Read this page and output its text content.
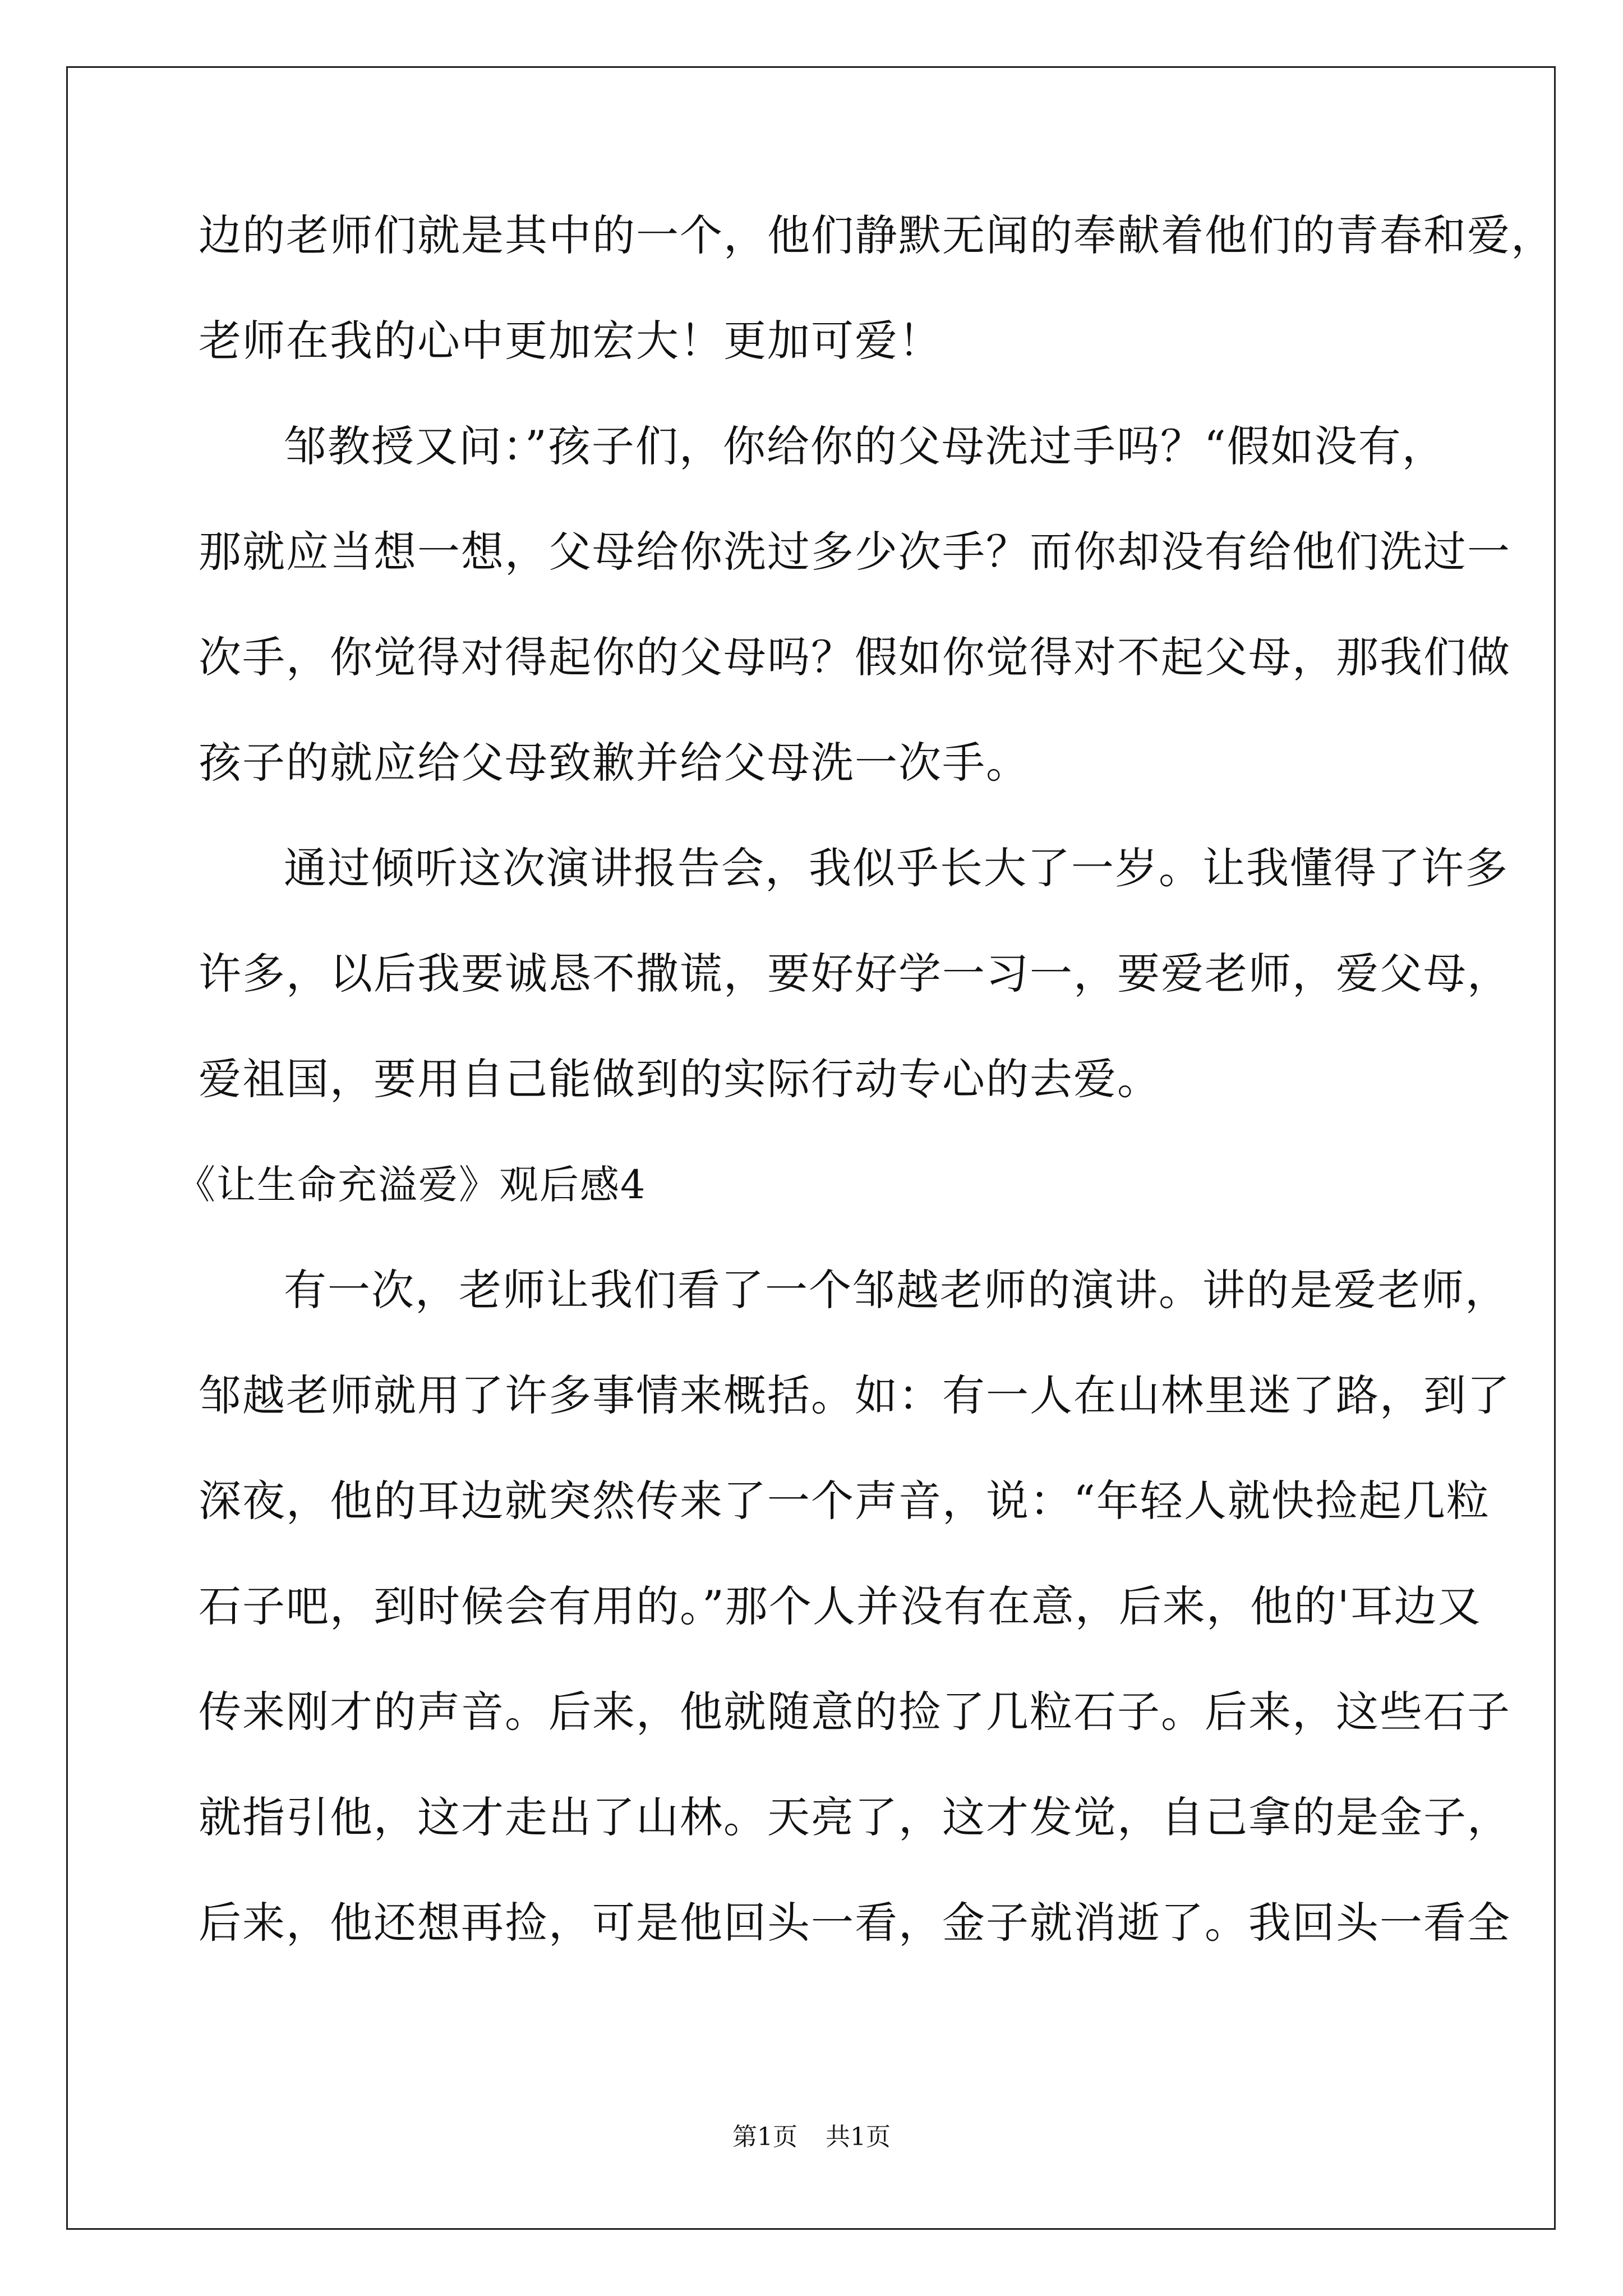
边的老师们就是其中的一个，他们静默无闻的奉献着他们的青春和爱，
老师在我的心中更加宏大！更加可爱！
邹教授又问：”孩子们，你给你的父母洗过手吗？“假如没有，
那就应当想一想，父母给你洗过多少次手？而你却没有给他们洗过一
次手，你觉得对得起你的父母吗？假如你觉得对不起父母，那我们做
孩子的就应给父母致歉并给父母洗一次手。
通过倾听这次演讲报告会，我似乎长大了一岁。让我懂得了许多
许多，以后我要诚恳不撒谎，要好好学一习一，要爱老师，爱父母，
爱祖国，要用自己能做到的实际行动专心的去爱。
《让生命充溢爱》观后感4
有一次，老师让我们看了一个邹越老师的演讲。讲的是爱老师，
邹越老师就用了许多事情来概括。如：有一人在山林里迷了路，到了
深夜，他的耳边就突然传来了一个声音，说：“年轻人就快捡起几粒
石子吧，到时候会有用的。”那个人并没有在意，后来，他的'耳边又
传来刚才的声音。后来，他就随意的捡了几粒石子。后来，这些石子
就指引他，这才走出了山林。天亮了，这才发觉，自己拿的是金子，
后来，他还想再捡，可是他回头一看，金子就消逝了。我回头一看全
第1页 共1页
